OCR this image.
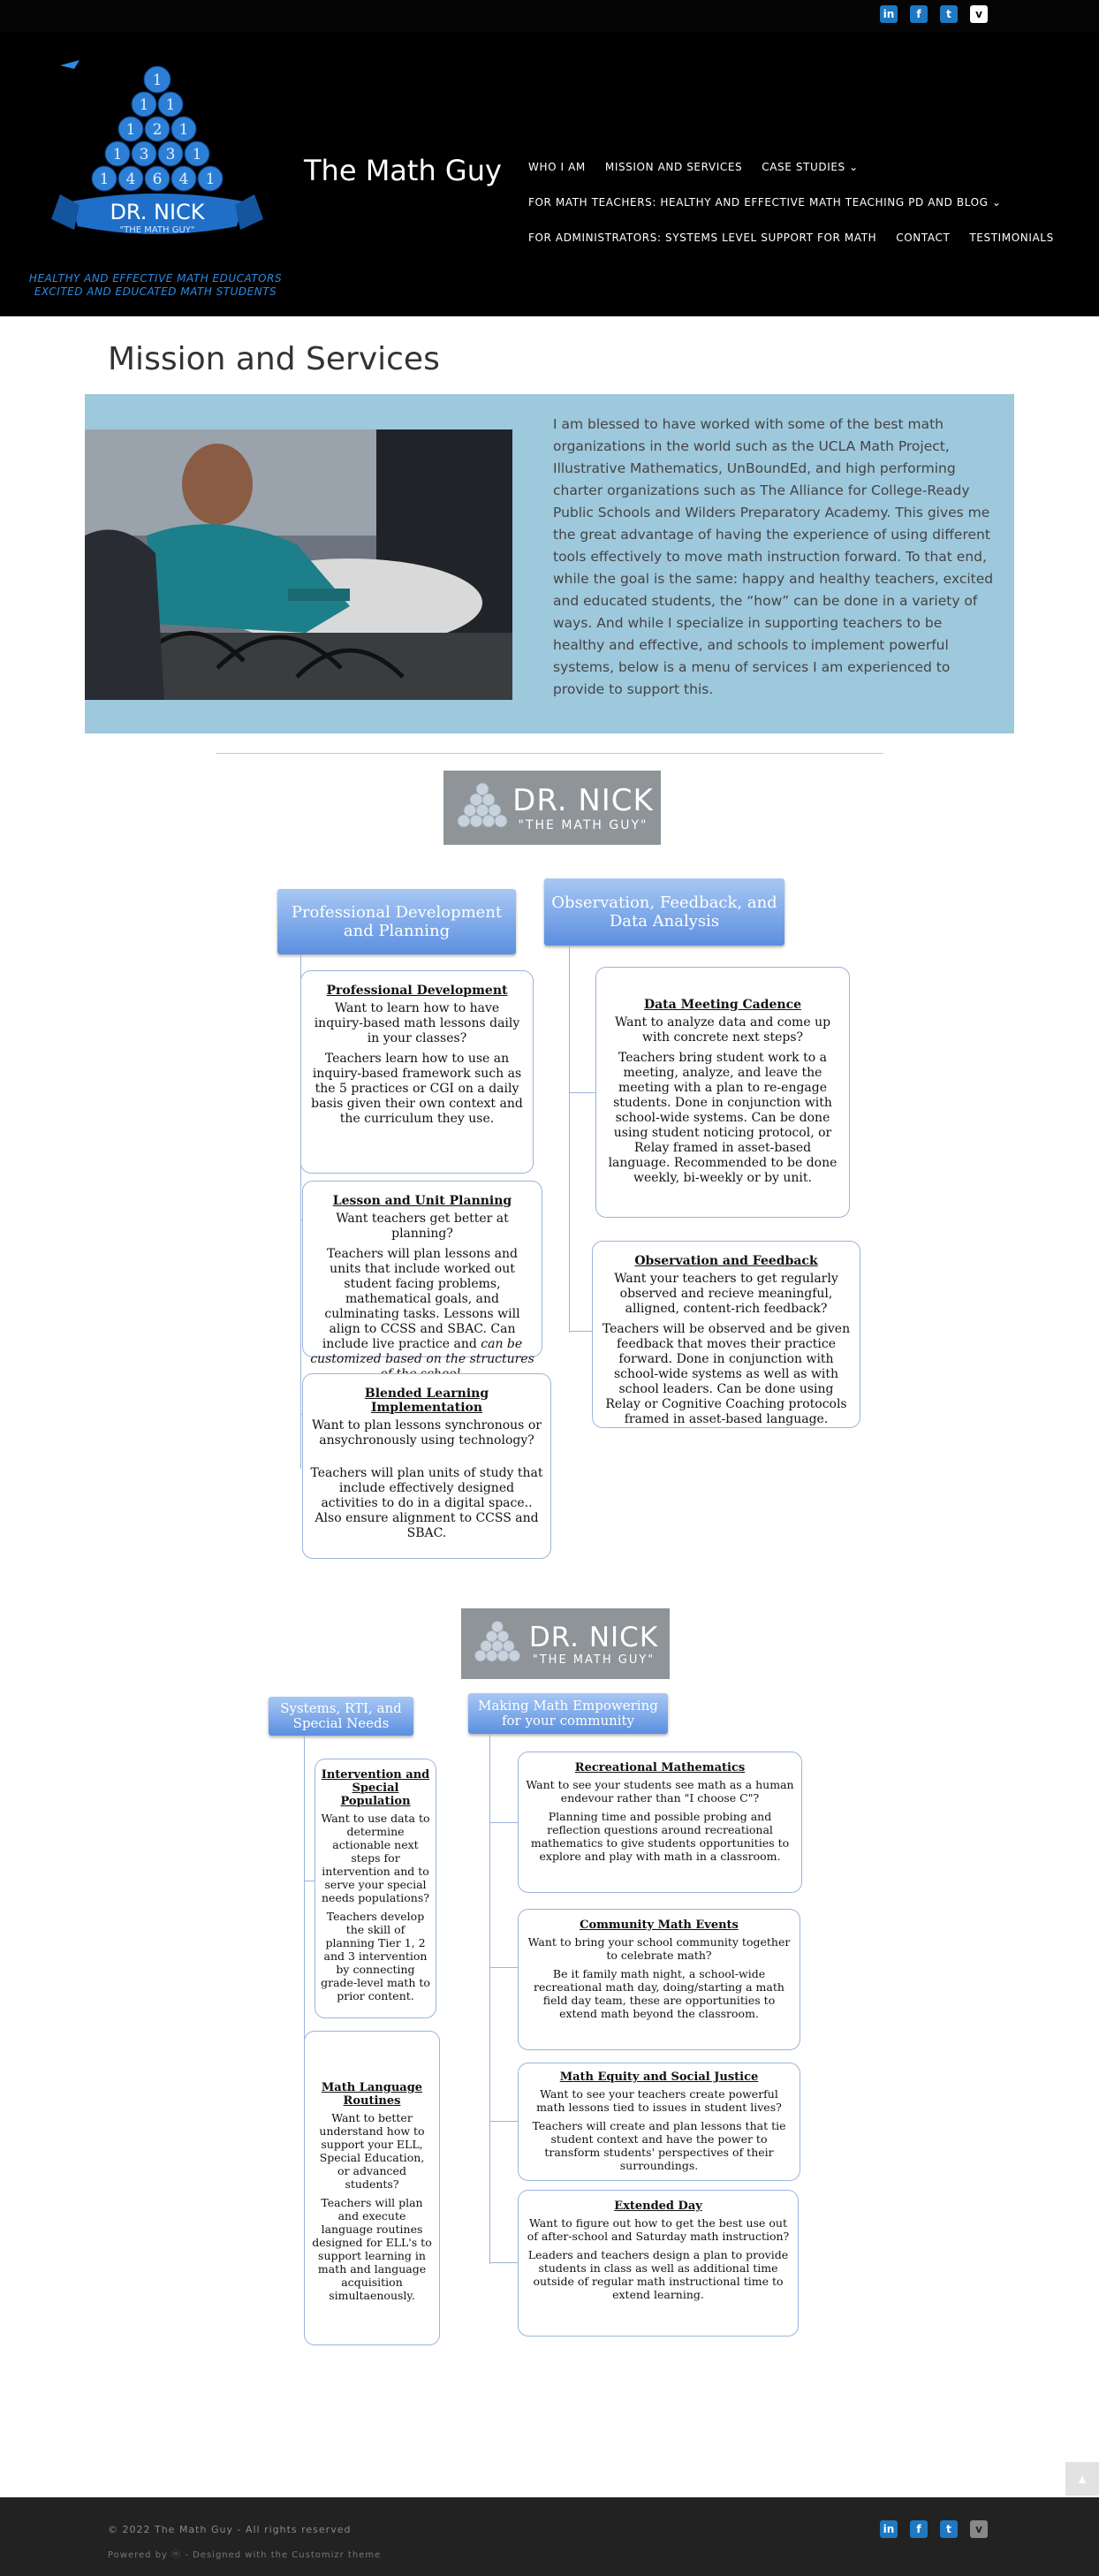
in	f	t	v
1
1 1
1 2 1
1 3 3 1
1 4 6 4 1
DR. NICK
"THE MATH GUY"
HEALTHY AND EFFECTIVE MATH EDUCATORS
EXCITED AND EDUCATED MATH STUDENTS
The Math Guy	WHO I AM MISSION AND SERVICES CASE STUDIES ⌄
FOR MATH TEACHERS: HEALTHY AND EFFECTIVE MATH TEACHING PD AND BLOG ⌄
FOR ADMINISTRATORS: SYSTEMS LEVEL SUPPORT FOR MATH CONTACT TESTIMONIALS
Mission and Services

I am blessed to have worked with some of the best math organizations in the world such as the UCLA Math Project, Illustrative Mathematics, UnBoundEd, and high performing charter organizations such as The Alliance for College-Ready Public Schools and Wilders Preparatory Academy. This gives me the great advantage of having the experience of using different tools effectively to move math instruction forward. To that end, while the goal is the same: happy and healthy teachers, excited and educated students, the “how” can be done in a variety of ways. And while I specialize in supporting teachers to be healthy and effective, and schools to implement powerful systems, below is a menu of services I am experienced to provide to support this.

DR. NICK
"THE MATH GUY"
Professional Development and Planning
Observation, Feedback, and Data Analysis
Professional Development

Want to learn how to have inquiry-based math lessons daily in your classes?

Teachers learn how to use an inquiry-based framework such as the 5 practices or CGI on a daily basis given their own context and the curriculum they use.

Lesson and Unit Planning

Want teachers get better at planning?

Teachers will plan lessons and units that include worked out student facing problems, mathematical goals, and culminating tasks. Lessons will align to CCSS and SBAC. Can include live practice and can be customized based on the structures

Blended Learning Implementation

Want to plan lessons synchronous or ansychronously using technology?

Teachers will plan units of study that include effectively designed activities to do in a digital space.. Also ensure alignment to CCSS and SBAC.

Data Meeting Cadence

Want to analyze data and come up with concrete next steps?

Teachers bring student work to a meeting, analyze, and leave the meeting with a plan to re-engage students. Done in conjunction with school-wide systems. Can be done using student noticing protocol, or Relay framed in asset-based language. Recommended to be done weekly, bi-weekly or by unit.

Observation and Feedback

Want your teachers to get regularly observed and recieve meaningful, alligned, content-rich feedback?

Teachers will be observed and be given feedback that moves their practice forward. Done in conjunction with school-wide systems as well as with school leaders. Can be done using Relay or Cognitive Coaching protocols framed in asset-based language.

DR. NICK
"THE MATH GUY"
Systems, RTI, and Special Needs
Making Math Empowering for your community
Intervention and Special Population

Want to use data to determine actionable next steps for intervention and to serve your special needs populations?

Teachers develop the skill of planning Tier 1, 2 and 3 intervention by connecting grade-level math to prior content.

Math Language Routines

Want to better understand how to support your ELL, Special Education, or advanced students?

Teachers will plan and execute language routines designed for ELL's to support learning in math and language acquisition simultaenously.

Recreational Mathematics

Want to see your students see math as a human endevour rather than "I choose C"?

Planning time and possible probing and reflection questions around recreational mathematics to give students opportunities to explore and play with math in a classroom.

Community Math Events

Want to bring your school community together to celebrate math?

Be it family math night, a school-wide recreational math day, doing/starting a math field day team, these are opportunities to extend math beyond the classroom.

Math Equity and Social Justice

Want to see your teachers create powerful math lessons tied to issues in student lives?

Teachers will create and plan lessons that tie student context and have the power to transform students' perspectives of their surroundings.

Extended Day

Want to figure out how to get the best use out of after-school and Saturday math instruction?

Leaders and teachers design a plan to provide students in class as well as additional time outside of regular math instructional time to extend learning.

▲
© 2022 The Math Guy - All rights reserved
Powered by ⓦ - Designed with the Customizr theme
in	f	t	v
